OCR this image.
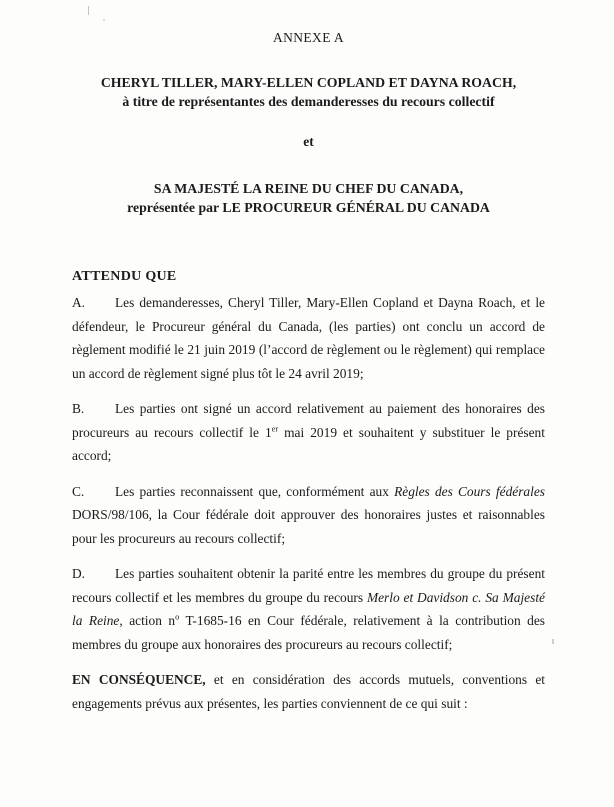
ANNEXE A

CHERYL TILLER, MARY-ELLEN COPLAND ET DAYNA ROACH,
à titre de représentantes des demanderesses du recours collectif

et

SA MAJESTÉ LA REINE DU CHEF DU CANADA,
représentée par LE PROCUREUR GÉNÉRAL DU CANADA

ATTENDU QUE

A. Les demanderesses, Cheryl Tiller, Mary-Ellen Copland et Dayna Roach, et le défendeur, le Procureur général du Canada, (les parties) ont conclu un accord de règlement modifié le 21 juin 2019 (l’accord de règlement ou le règlement) qui remplace un accord de règlement signé plus tôt le 24 avril 2019;

B. Les parties ont signé un accord relativement au paiement des honoraires des procureurs au recours collectif le 1er mai 2019 et souhaitent y substituer le présent accord;

C. Les parties reconnaissent que, conformément aux Règles des Cours fédérales DORS/98/106, la Cour fédérale doit approuver des honoraires justes et raisonnables pour les procureurs au recours collectif;

D. Les parties souhaitent obtenir la parité entre les membres du groupe du présent recours collectif et les membres du groupe du recours Merlo et Davidson c. Sa Majesté la Reine, action $n^o$ T-1685-16 en Cour fédérale, relativement à la contribution des membres du groupe aux honoraires des procureurs au recours collectif;

EN CONSÉQUENCE, et en considération des accords mutuels, conventions et engagements prévus aux présentes, les parties conviennent de ce qui suit :
